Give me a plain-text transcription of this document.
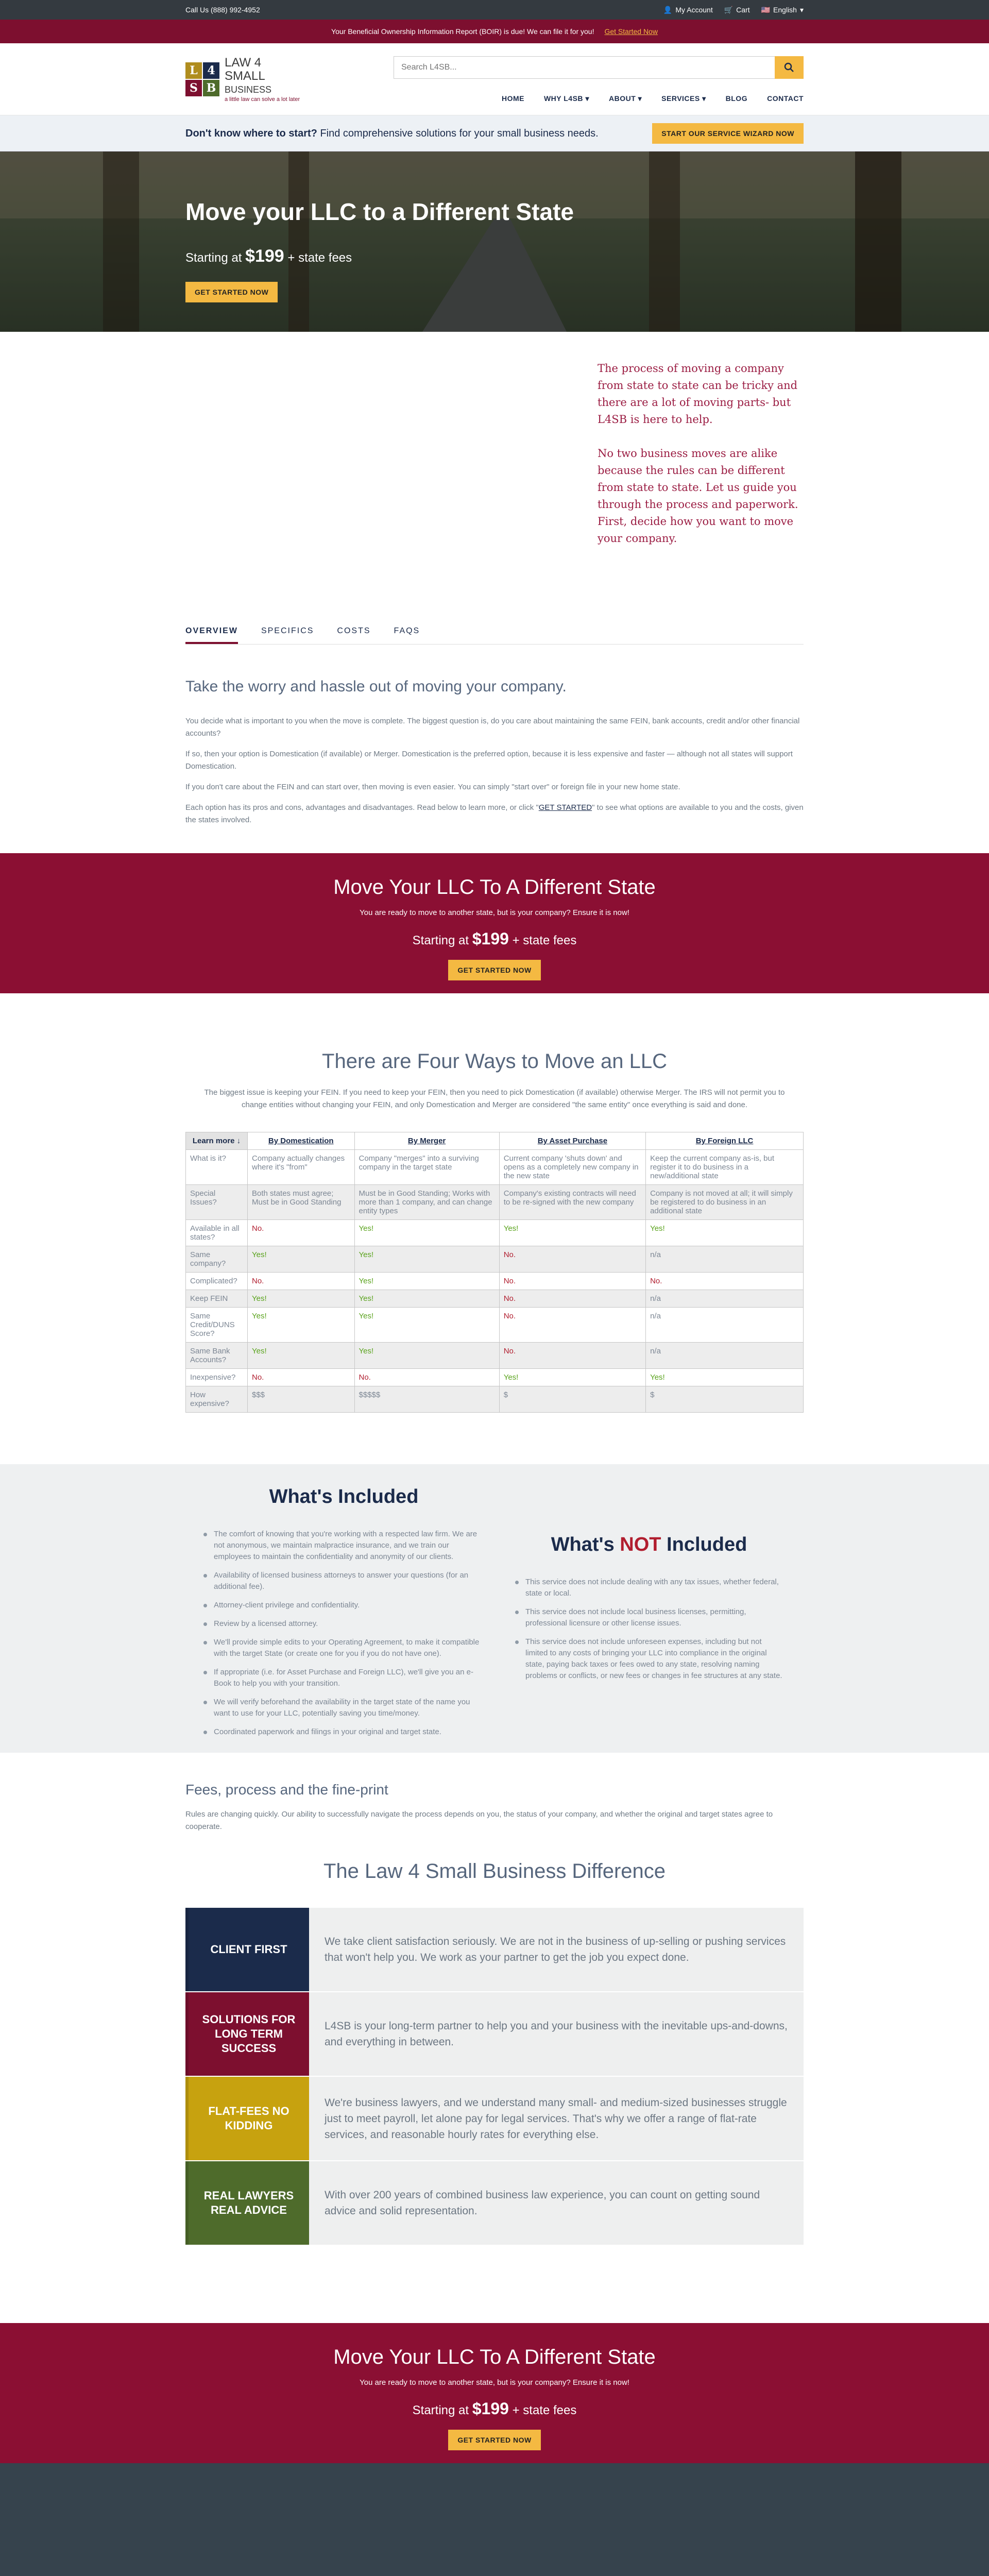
Call Us (888) 992-4952	👤 My Account 🛒 Cart 🇺🇸 English ▾
Your Beneficial Ownership Information Report (BOIR) is due! We can file it for you! Get Started Now
L 4
S B
LAW 4
SMALL
BUSINESS
a little law can solve a lot later
Search L4SB...	HOME	WHY L4SB ▾	ABOUT ▾	SERVICES ▾	BLOG	CONTACT
Don't know where to start? Find comprehensive solutions for your small business needs.	START OUR SERVICE WIZARD NOW
Move your LLC to a Different State
Starting at $199 + state fees
GET STARTED NOW

The process of moving a company from state to state can be tricky and there are a lot of moving parts- but L4SB is here to help.

No two business moves are alike because the rules can be different from state to state. Let us guide you through the process and paperwork. First, decide how you want to move your company.

OVERVIEW	SPECIFICS	COSTS	FAQS
Take the worry and hassle out of moving your company.

You decide what is important to you when the move is complete. The biggest question is, do you care about maintaining the same FEIN, bank accounts, credit and/or other financial accounts?

If so, then your option is Domestication (if available) or Merger. Domestication is the preferred option, because it is less expensive and faster — although not all states will support Domestication.

If you don't care about the FEIN and can start over, then moving is even easier. You can simply "start over" or foreign file in your new home state.

Each option has its pros and cons, advantages and disadvantages. Read below to learn more, or click "GET STARTED" to see what options are available to you and the costs, given the states involved.

Move Your LLC To A Different State
You are ready to move to another state, but is your company? Ensure it is now!
Starting at $199 + state fees
GET STARTED NOW
There are Four Ways to Move an LLC
The biggest issue is keeping your FEIN. If you need to keep your FEIN, then you need to pick Domestication (if available) otherwise Merger. The IRS will not permit you to change entities without changing your FEIN, and only Domestication and Merger are considered "the same entity" once everything is said and done.
Learn more ↓	By Domestication	By Merger	By Asset Purchase	By Foreign LLC
What is it?	Company actually changes where it's "from"	Company "merges" into a surviving company in the target state	Current company 'shuts down' and opens as a completely new company in the new state	Keep the current company as-is, but register it to do business in a new/additional state
Special Issues?	Both states must agree; Must be in Good Standing	Must be in Good Standing; Works with more than 1 company, and can change entity types	Company's existing contracts will need to be re-signed with the new company	Company is not moved at all; it will simply be registered to do business in an additional state
Available in all states?	No.	Yes!	Yes!	Yes!
Same company?	Yes!	Yes!	No.	n/a
Complicated?	No.	Yes!	No.	No.
Keep FEIN	Yes!	Yes!	No.	n/a
Same Credit/DUNS Score?	Yes!	Yes!	No.	n/a
Same Bank Accounts?	Yes!	Yes!	No.	n/a
Inexpensive?	No.	No.	Yes!	Yes!
How expensive?	$$$	$$$$$	$	$
What's Included
The comfort of knowing that you're working with a respected law firm. We are not anonymous, we maintain malpractice insurance, and we train our employees to maintain the confidentiality and anonymity of our clients.
Availability of licensed business attorneys to answer your questions (for an additional fee).
Attorney-client privilege and confidentiality.
Review by a licensed attorney.
We'll provide simple edits to your Operating Agreement, to make it compatible with the target State (or create one for you if you do not have one).
If appropriate (i.e. for Asset Purchase and Foreign LLC), we'll give you an e-Book to help you with your transition.
We will verify beforehand the availability in the target state of the name you want to use for your LLC, potentially saving you time/money.
Coordinated paperwork and filings in your original and target state.
What's NOT Included
This service does not include dealing with any tax issues, whether federal, state or local.
This service does not include local business licenses, permitting, professional licensure or other license issues.
This service does not include unforeseen expenses, including but not limited to any costs of bringing your LLC into compliance in the original state, paying back taxes or fees owed to any state, resolving naming problems or conflicts, or new fees or changes in fee structures at any state.
Fees, process and the fine-print

Rules are changing quickly. Our ability to successfully navigate the process depends on you, the status of your company, and whether the original and target states agree to cooperate.

The Law 4 Small Business Difference
CLIENT FIRST
We take client satisfaction seriously. We are not in the business of up-selling or pushing services that won't help you. We work as your partner to get the job you expect done.
SOLUTIONS FOR LONG TERM SUCCESS
L4SB is your long-term partner to help you and your business with the inevitable ups-and-downs, and everything in between.
FLAT-FEES NO KIDDING
We're business lawyers, and we understand many small- and medium-sized businesses struggle just to meet payroll, let alone pay for legal services. That's why we offer a range of flat-rate services, and reasonable hourly rates for everything else.
REAL LAWYERS REAL ADVICE
With over 200 years of combined business law experience, you can count on getting sound advice and solid representation.
Move Your LLC To A Different State
You are ready to move to another state, but is your company? Ensure it is now!
Starting at $199 + state fees
GET STARTED NOW
